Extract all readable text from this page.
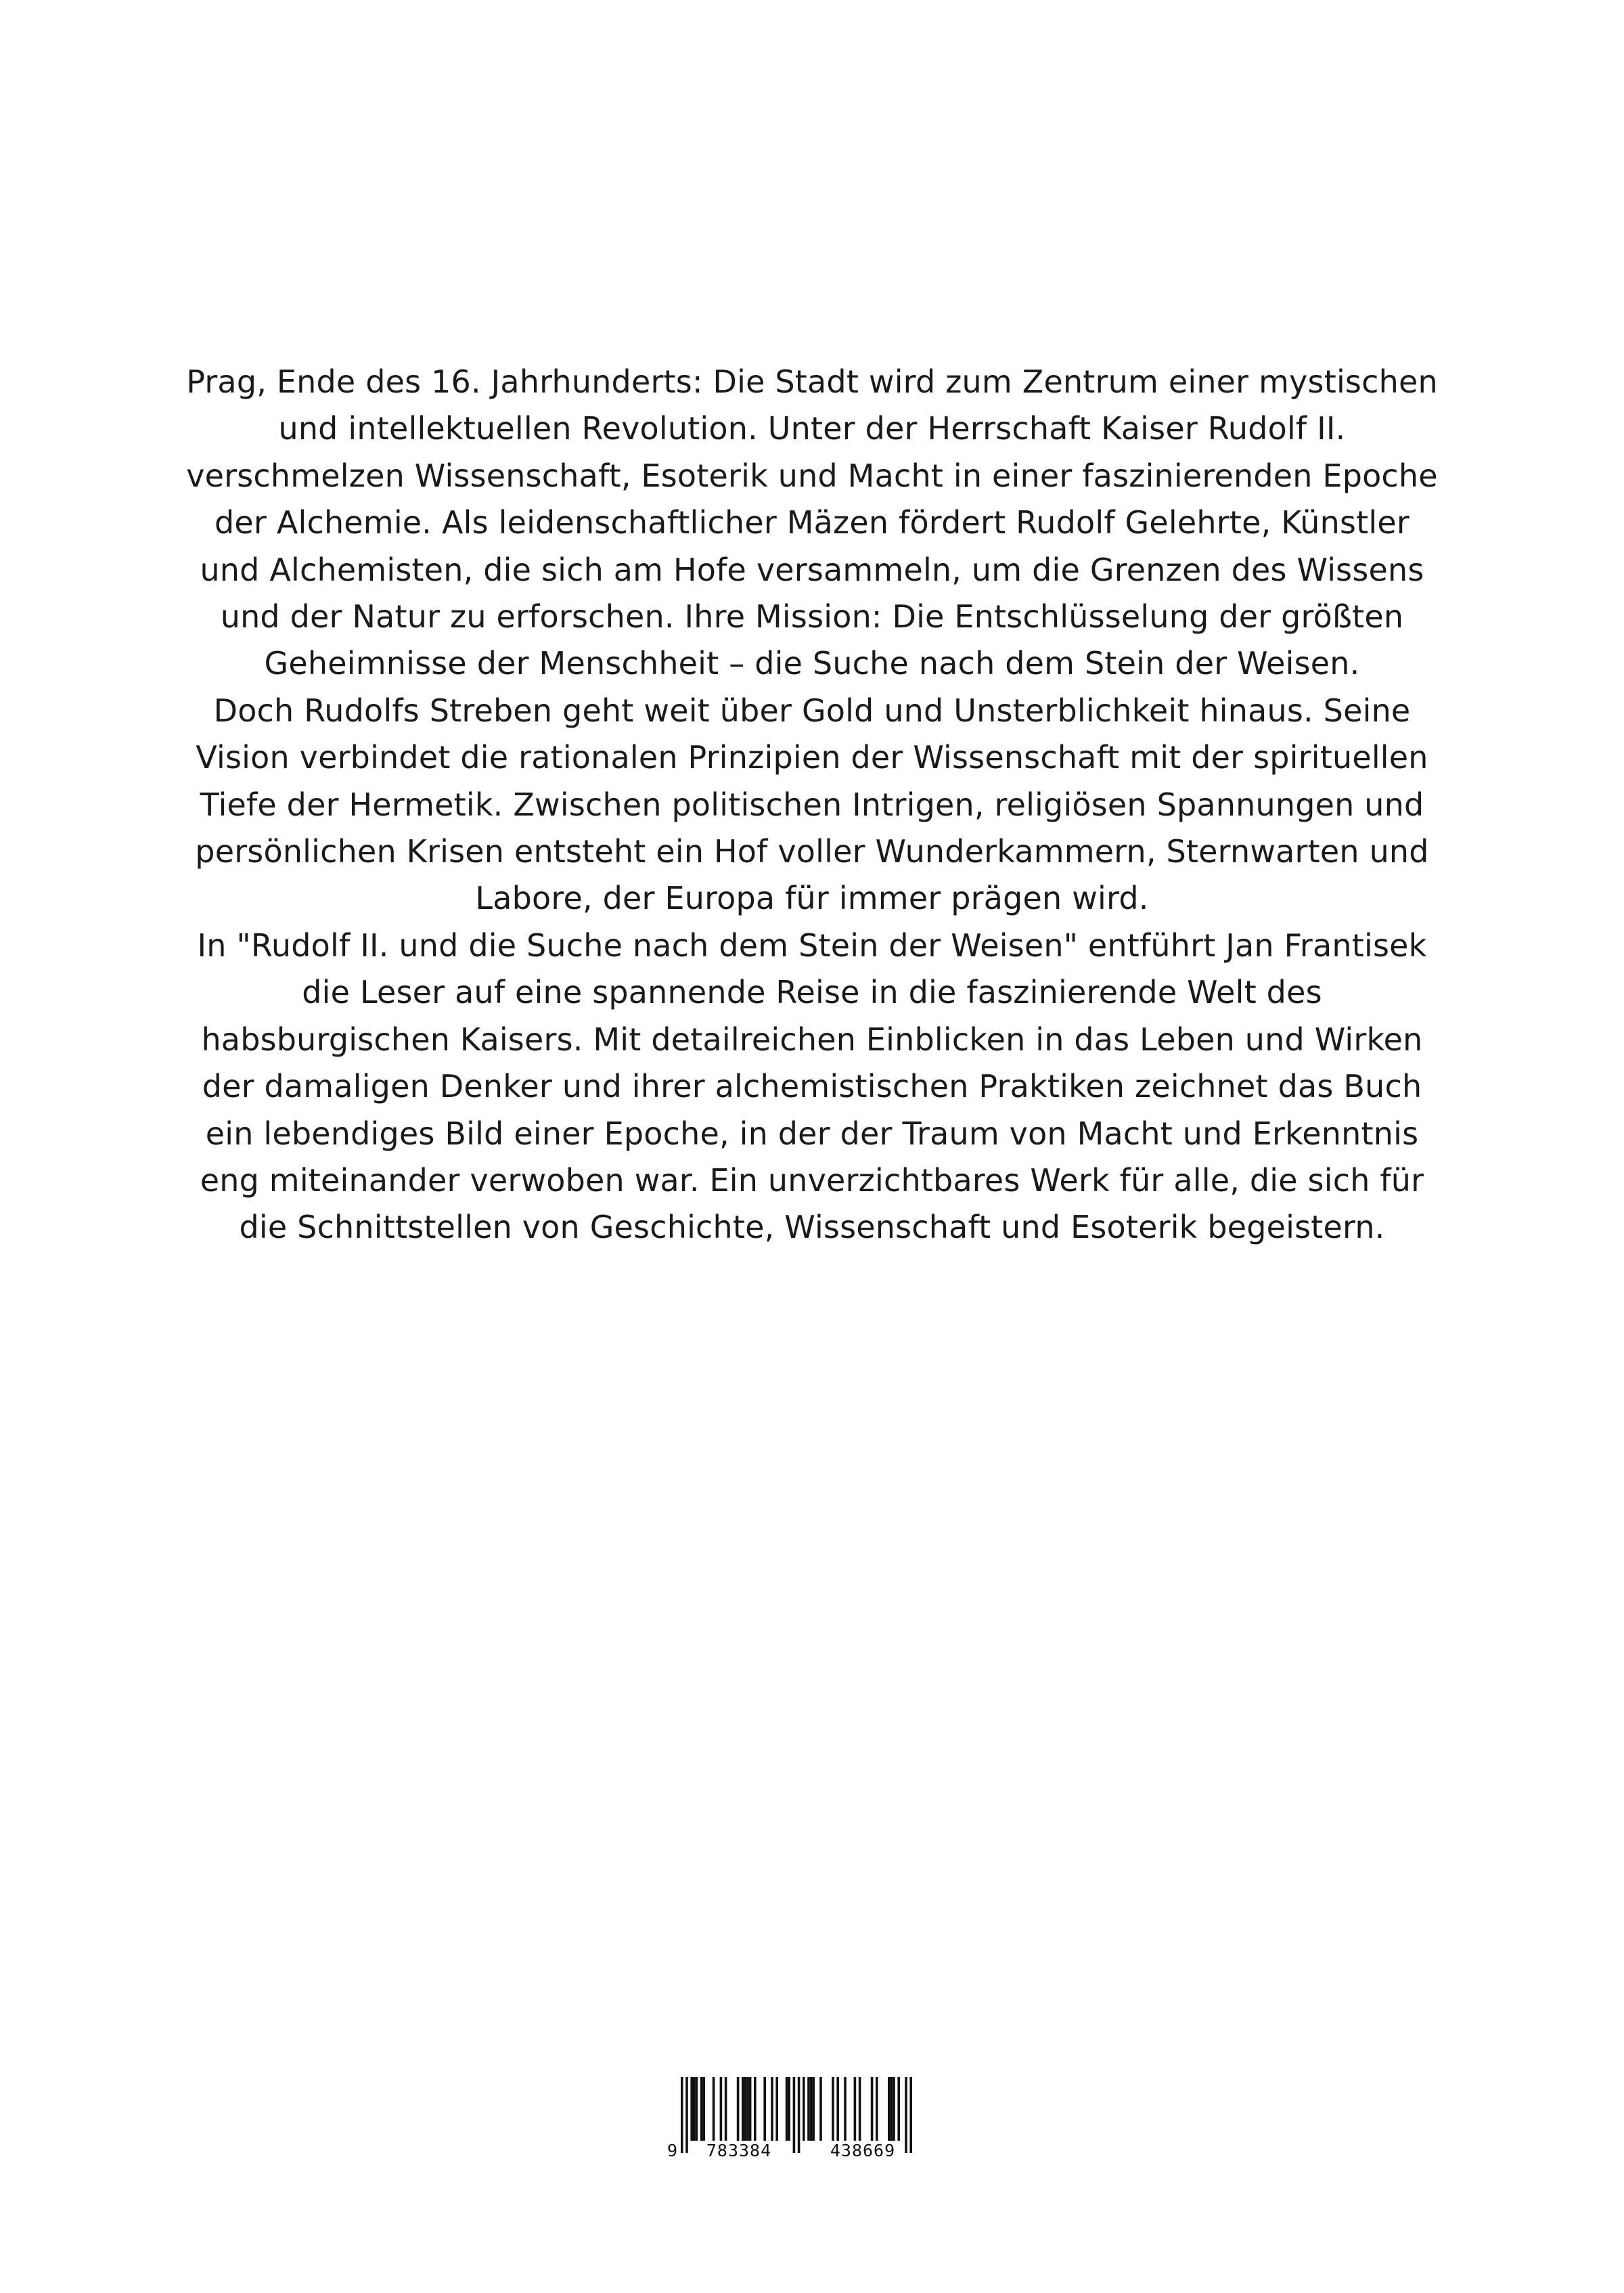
Prag, Ende des 16. Jahrhunderts: Die Stadt wird zum Zentrum einer mystischen
und intellektuellen Revolution. Unter der Herrschaft Kaiser Rudolf II.
verschmelzen Wissenschaft, Esoterik und Macht in einer faszinierenden Epoche
der Alchemie. Als leidenschaftlicher Mäzen fördert Rudolf Gelehrte, Künstler
und Alchemisten, die sich am Hofe versammeln, um die Grenzen des Wissens
und der Natur zu erforschen. Ihre Mission: Die Entschlüsselung der größten
Geheimnisse der Menschheit – die Suche nach dem Stein der Weisen.
Doch Rudolfs Streben geht weit über Gold und Unsterblichkeit hinaus. Seine
Vision verbindet die rationalen Prinzipien der Wissenschaft mit der spirituellen
Tiefe der Hermetik. Zwischen politischen Intrigen, religiösen Spannungen und
persönlichen Krisen entsteht ein Hof voller Wunderkammern, Sternwarten und
Labore, der Europa für immer prägen wird.
In "Rudolf II. und die Suche nach dem Stein der Weisen" entführt Jan Frantisek
die Leser auf eine spannende Reise in die faszinierende Welt des
habsburgischen Kaisers. Mit detailreichen Einblicken in das Leben und Wirken
der damaligen Denker und ihrer alchemistischen Praktiken zeichnet das Buch
ein lebendiges Bild einer Epoche, in der der Traum von Macht und Erkenntnis
eng miteinander verwoben war. Ein unverzichtbares Werk für alle, die sich für
die Schnittstellen von Geschichte, Wissenschaft und Esoterik begeistern.
9 783384	438669
